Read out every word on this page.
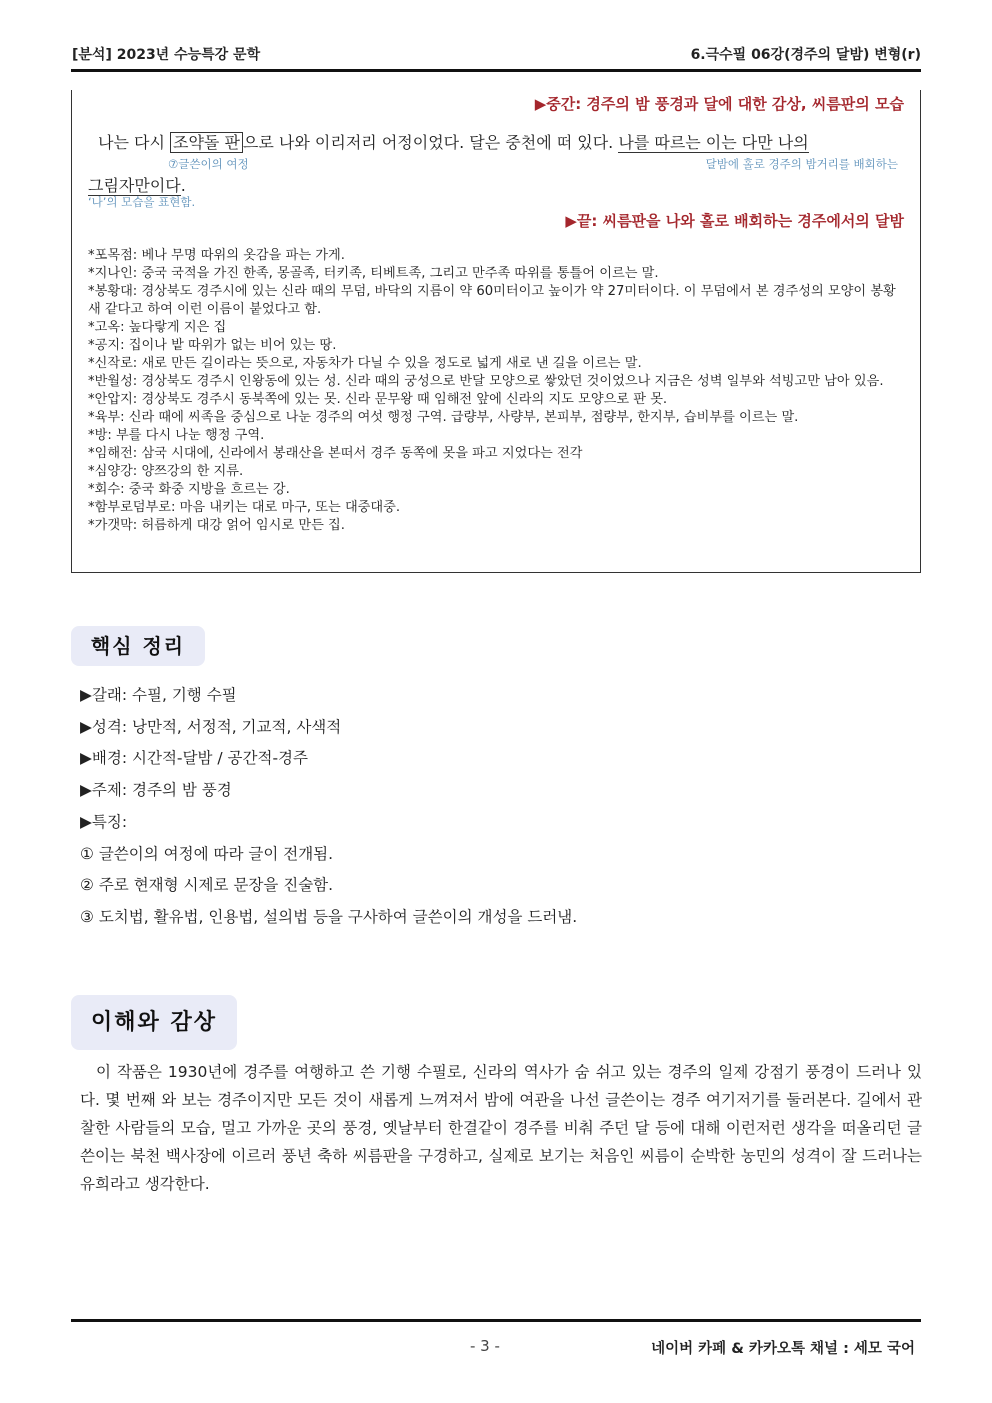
[분석] 2023년 수능특강 문학	6.극수필 06강(경주의 달밤) 변형(r)
▶중간: 경주의 밤 풍경과 달에 대한 감상, 씨름판의 모습
나는 다시 조약돌 판 으로 나와 이리저리 어정이었다. 달은 중천에 떠 있다. 나를 따르는 이는 다만 나의
⑦글쓴이의 여정	달밤에 홀로 경주의 밤거리를 배회하는
그림자만이다.
‘나’의 모습을 표현함.
▶끝: 씨름판을 나와 홀로 배회하는 경주에서의 달밤
*포목점: 베나 무명 따위의 옷감을 파는 가게.
*지나인: 중국 국적을 가진 한족, 몽골족, 터키족, 티베트족, 그리고 만주족 따위를 통틀어 이르는 말.
*봉황대: 경상북도 경주시에 있는 신라 때의 무덤, 바닥의 지름이 약 60미터이고 높이가 약 27미터이다. 이 무덤에서 본 경주성의 모양이 봉황새 같다고 하여 이런 이름이 붙었다고 함.
*고옥: 높다랗게 지은 집
*공지: 집이나 밭 따위가 없는 비어 있는 땅.
*신작로: 새로 만든 길이라는 뜻으로, 자동차가 다닐 수 있을 정도로 넓게 새로 낸 길을 이르는 말.
*반월성: 경상북도 경주시 인왕동에 있는 성. 신라 때의 궁성으로 반달 모양으로 쌓았던 것이었으나 지금은 성벽 일부와 석빙고만 남아 있음.
*안압지: 경상북도 경주시 동북쪽에 있는 못. 신라 문무왕 때 임해전 앞에 신라의 지도 모양으로 판 못.
*육부: 신라 때에 씨족을 중심으로 나눈 경주의 여섯 행정 구역. 급량부, 사량부, 본피부, 점량부, 한지부, 습비부를 이르는 말.
*방: 부를 다시 나눈 행정 구역.
*임해전: 삼국 시대에, 신라에서 봉래산을 본떠서 경주 동쪽에 못을 파고 지었다는 전각
*심양강: 양쯔강의 한 지류.
*회수: 중국 화중 지방을 흐르는 강.
*함부로덤부로: 마음 내키는 대로 마구, 또는 대중대중.
*가갯막: 허름하게 대강 얽어 임시로 만든 집.
핵심 정리
▶갈래: 수필, 기행 수필
▶성격: 낭만적, 서정적, 기교적, 사색적
▶배경: 시간적-달밤 / 공간적-경주
▶주제: 경주의 밤 풍경
▶특징:
① 글쓴이의 여정에 따라 글이 전개됨.
② 주로 현재형 시제로 문장을 진술함.
③ 도치법, 활유법, 인용법, 설의법 등을 구사하여 글쓴이의 개성을 드러냄.
이해와 감상
이 작품은 1930년에 경주를 여행하고 쓴 기행 수필로, 신라의 역사가 숨 쉬고 있는 경주의 일제 강점기 풍경이 드러나 있다. 몇 번째 와 보는 경주이지만 모든 것이 새롭게 느껴져서 밤에 여관을 나선 글쓴이는 경주 여기저기를 둘러본다. 길에서 관찰한 사람들의 모습, 멀고 가까운 곳의 풍경, 옛날부터 한결같이 경주를 비춰 주던 달 등에 대해 이런저런 생각을 떠올리던 글쓴이는 북천 백사장에 이르러 풍년 축하 씨름판을 구경하고, 실제로 보기는 처음인 씨름이 순박한 농민의 성격이 잘 드러나는 유희라고 생각한다.
- 3 -	네이버 카페 & 카카오톡 채널 : 세모 국어
